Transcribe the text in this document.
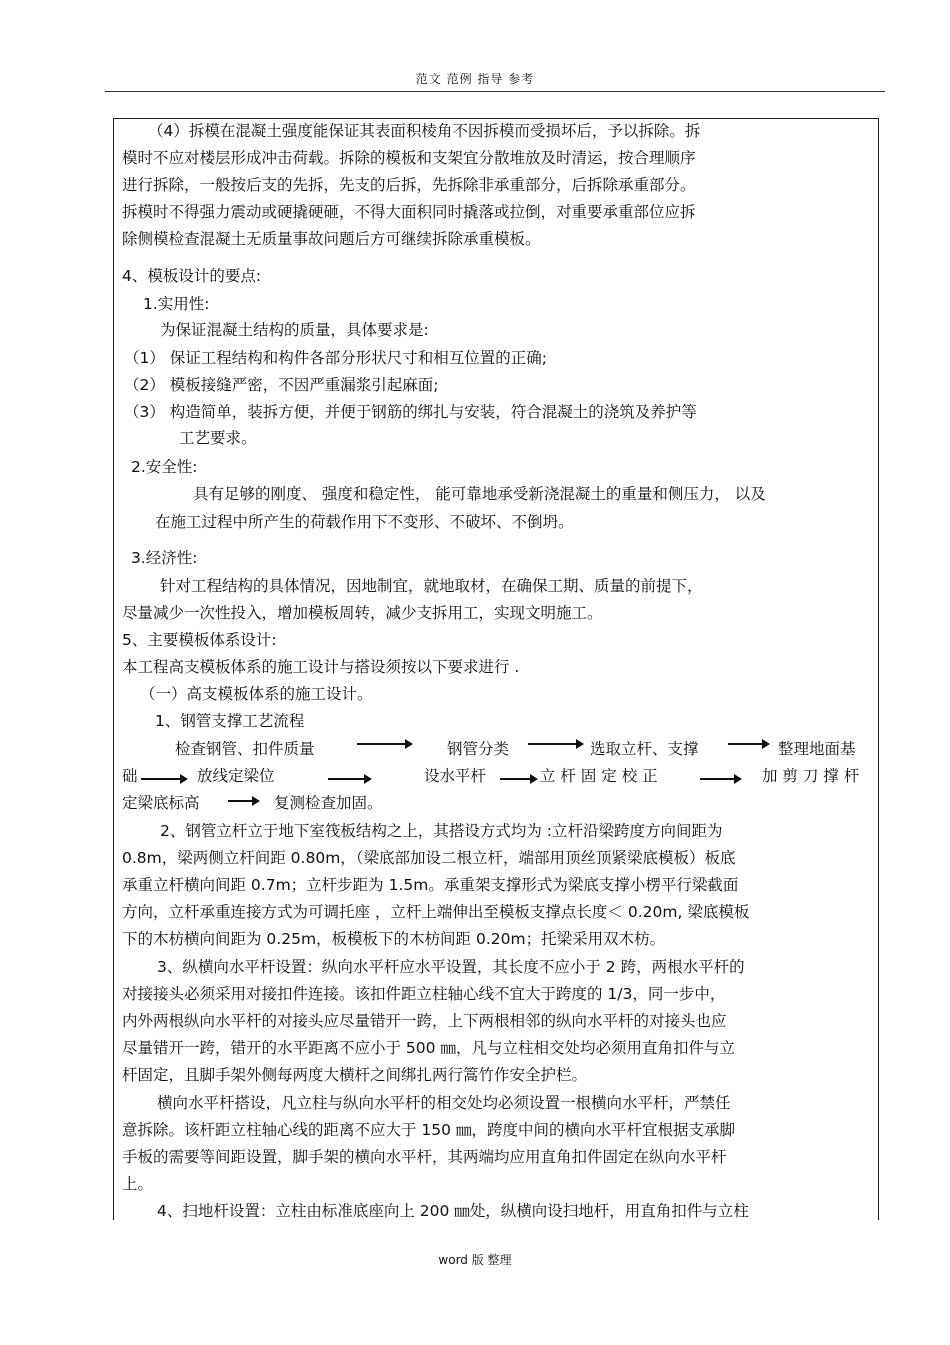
范文 范例 指导 参考
（4）拆模在混凝土强度能保证其表面积棱角不因拆模而受损坏后，予以拆除。拆
模时不应对楼层形成冲击荷载。拆除的模板和支架宜分散堆放及时清运，按合理顺序
进行拆除，一般按后支的先拆，先支的后拆，先拆除非承重部分，后拆除承重部分。
拆模时不得强力震动或硬撬硬砸，不得大面积同时撬落或拉倒，对重要承重部位应拆
除侧模检查混凝土无质量事故问题后方可继续拆除承重模板。
4、模板设计的要点:
1.实用性:
为保证混凝土结构的质量，具体要求是:
（1） 保证工程结构和构件各部分形状尺寸和相互位置的正确;
（2） 模板接缝严密，不因严重漏浆引起麻面;
（3） 构造简单，装拆方便，并便于钢筋的绑扎与安装，符合混凝土的浇筑及养护等
工艺要求。
2.安全性:
具有足够的刚度、 强度和稳定性， 能可靠地承受新浇混凝土的重量和侧压力， 以及
在施工过程中所产生的荷载作用下不变形、不破坏、不倒坍。
3.经济性:
针对工程结构的具体情况，因地制宜，就地取材，在确保工期、质量的前提下，
尽量减少一次性投入，增加模板周转，减少支拆用工，实现文明施工。
5、主要模板体系设计:
本工程高支模板体系的施工设计与搭设须按以下要求进行 .
（一）高支模板体系的施工设计。
1、钢管支撑工艺流程
检查钢管、扣件质量	钢管分类	选取立杆、支撑	整理地面基
础	放线定梁位	设水平杆	立 杆 固 定 校 正	加 剪 刀 撑 杆
定梁底标高	复测检查加固。
2、钢管立杆立于地下室筏板结构之上，其搭设方式均为 :立杆沿梁跨度方向间距为
0.8m，梁两侧立杆间距 0.80m，（梁底部加设二根立杆，端部用顶丝顶紧梁底模板）板底
承重立杆横向间距 0.7m；立杆步距为 1.5m。承重架支撑形式为梁底支撑小楞平行梁截面
方向，立杆承重连接方式为可调托座 ，立杆上端伸出至模板支撑点长度＜ 0.20m, 梁底模板
下的木枋横向间距为 0.25m，板模板下的木枋间距 0.20m；托梁采用双木枋。
3、纵横向水平杆设置：纵向水平杆应水平设置，其长度不应小于 2 跨，两根水平杆的
对接接头必须采用对接扣件连接。该扣件距立柱轴心线不宜大于跨度的 1/3，同一步中，
内外两根纵向水平杆的对接头应尽量错开一跨，上下两根相邻的纵向水平杆的对接头也应
尽量错开一跨，错开的水平距离不应小于 500 ㎜，凡与立柱相交处均必须用直角扣件与立
杆固定，且脚手架外侧每两度大横杆之间绑扎两行篙竹作安全护栏。
横向水平杆搭设，凡立柱与纵向水平杆的相交处均必须设置一根横向水平杆，严禁任
意拆除。该杆距立柱轴心线的距离不应大于 150 ㎜，跨度中间的横向水平杆宜根据支承脚
手板的需要等间距设置，脚手架的横向水平杆，其两端均应用直角扣件固定在纵向水平杆
上。
4、扫地杆设置：立柱由标准底座向上 200 ㎜处，纵横向设扫地杆，用直角扣件与立柱
word 版 整理
